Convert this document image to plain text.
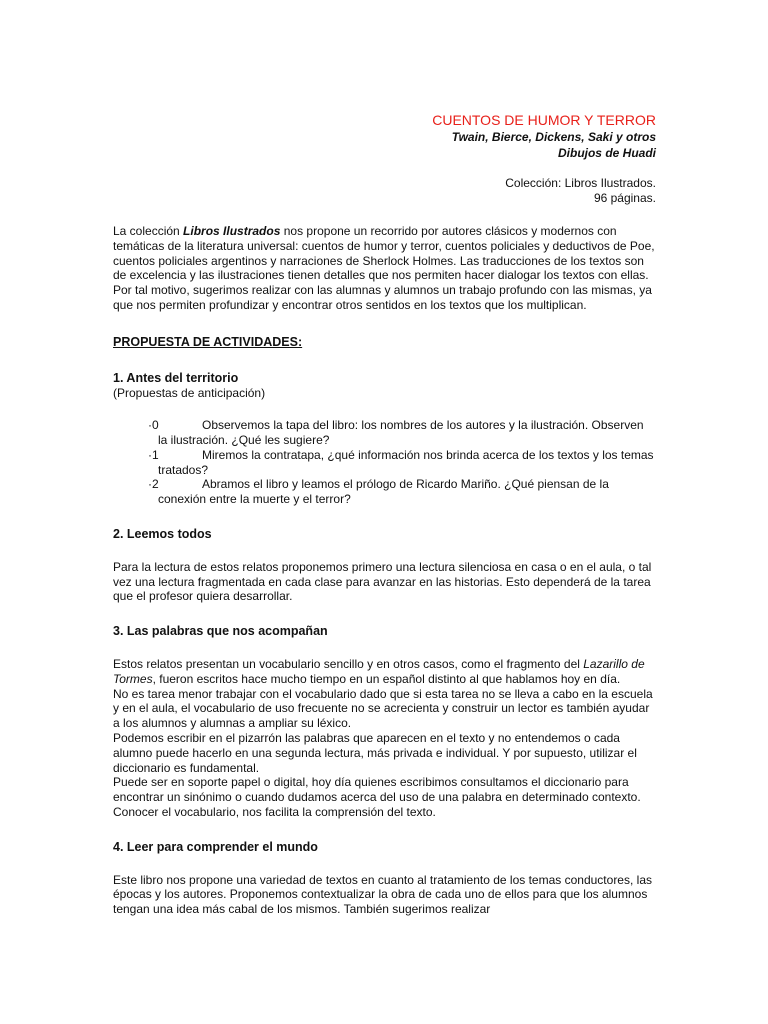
CUENTOS DE HUMOR Y TERROR
Twain, Bierce, Dickens, Saki y otros
Dibujos de Huadi
Colección: Libros Ilustrados.
96 páginas.

La colección Libros Ilustrados nos propone un recorrido por autores clásicos y modernos con temáticas de la literatura universal: cuentos de humor y terror, cuentos policiales y deductivos de Poe, cuentos policiales argentinos y narraciones de Sherlock Holmes. Las traducciones de los textos son de excelencia y las ilustraciones tienen detalles que nos permiten hacer dialogar los textos con ellas. Por tal motivo, sugerimos realizar con las alumnas y alumnos un trabajo profundo con las mismas, ya que nos permiten profundizar y encontrar otros sentidos en los textos que los multiplican.

PROPUESTA DE ACTIVIDADES:
1. Antes del territorio
(Propuestas de anticipación)
·0	Observemos la tapa del libro: los nombres de los autores y la ilustración. Observen la ilustración. ¿Qué les sugiere?
·1	Miremos la contratapa, ¿qué información nos brinda acerca de los textos y los temas tratados?
·2	Abramos el libro y leamos el prólogo de Ricardo Mariño. ¿Qué piensan de la conexión entre la muerte y el terror?
2. Leemos todos

Para la lectura de estos relatos proponemos primero una lectura silenciosa en casa o en el aula, o tal vez una lectura fragmentada en cada clase para avanzar en las historias. Esto dependerá de la tarea que el profesor quiera desarrollar.

3. Las palabras que nos acompañan

Estos relatos presentan un vocabulario sencillo y en otros casos, como el fragmento del Lazarillo de Tormes, fueron escritos hace mucho tiempo en un español distinto al que hablamos hoy en día.

No es tarea menor trabajar con el vocabulario dado que si esta tarea no se lleva a cabo en la escuela y en el aula, el vocabulario de uso frecuente no se acrecienta y construir un lector es también ayudar a los alumnos y alumnas a ampliar su léxico.

Podemos escribir en el pizarrón las palabras que aparecen en el texto y no entendemos o cada alumno puede hacerlo en una segunda lectura, más privada e individual. Y por supuesto, utilizar el diccionario es fundamental.

Puede ser en soporte papel o digital, hoy día quienes escribimos consultamos el diccionario para encontrar un sinónimo o cuando dudamos acerca del uso de una palabra en determinado contexto. Conocer el vocabulario, nos facilita la comprensión del texto.

4. Leer para comprender el mundo

Este libro nos propone una variedad de textos en cuanto al tratamiento de los temas conductores, las épocas y los autores. Proponemos contextualizar la obra de cada uno de ellos para que los alumnos tengan una idea más cabal de los mismos. También sugerimos realizar
